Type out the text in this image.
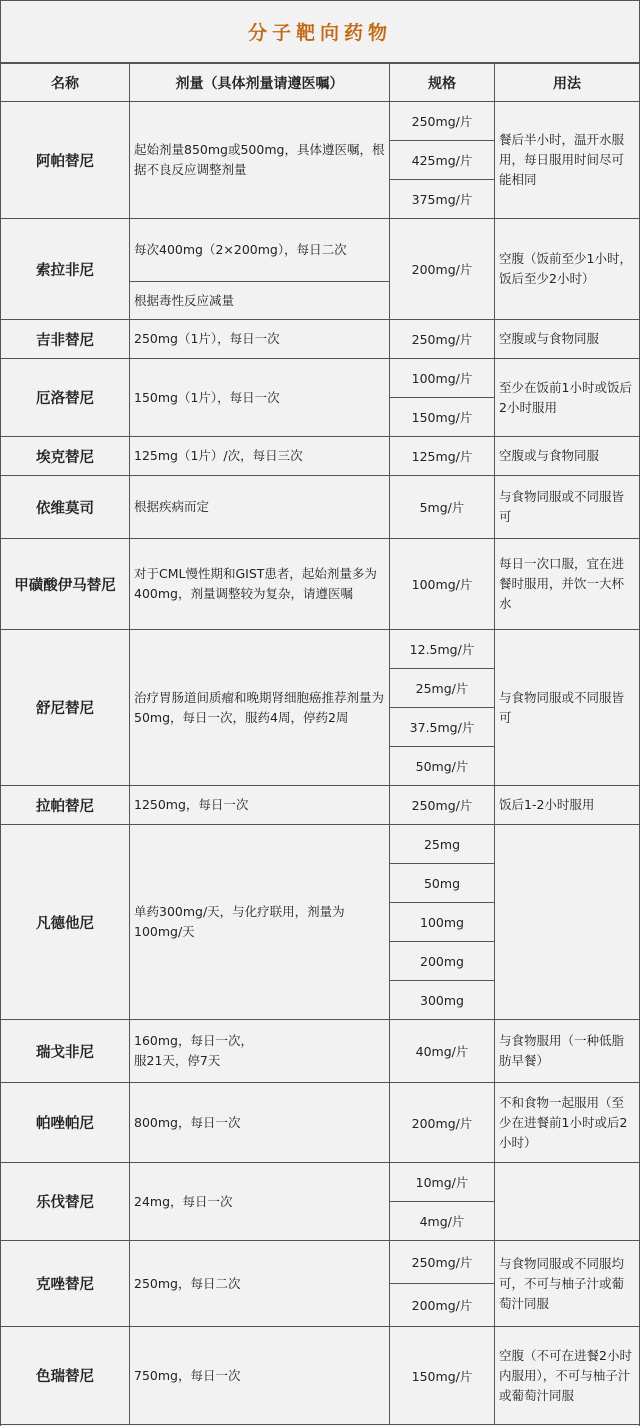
分子靶向药物
名称	剂量（具体剂量请遵医嘱）	规格	用法
阿帕替尼	起始剂量850mg或500mg，具体遵医嘱，根据不良反应调整剂量	250mg/片	餐后半小时，温开水服用，每日服用时间尽可能相同
		425mg/片	
		375mg/片	
索拉非尼	每次400mg（2×200mg），每日二次	200mg/片	空腹（饭前至少1小时，饭后至少2小时）
	根据毒性反应减量		
吉非替尼	250mg（1片），每日一次	250mg/片	空腹或与食物同服
厄洛替尼	150mg（1片），每日一次	100mg/片	至少在饭前1小时或饭后2小时服用
		150mg/片	
埃克替尼	125mg（1片）/次，每日三次	125mg/片	空腹或与食物同服
依维莫司	根据疾病而定	5mg/片	与食物同服或不同服皆可
甲磺酸伊马替尼	对于CML慢性期和GIST患者，起始剂量多为400mg，剂量调整较为复杂，请遵医嘱	100mg/片	每日一次口服，宜在进餐时服用，并饮一大杯水
舒尼替尼	治疗胃肠道间质瘤和晚期肾细胞癌推荐剂量为50mg，每日一次，服药4周，停药2周	12.5mg/片	与食物同服或不同服皆可
		25mg/片	
		37.5mg/片	
		50mg/片	
拉帕替尼	1250mg，每日一次	250mg/片	饭后1-2小时服用
凡德他尼	单药300mg/天，与化疗联用，剂量为100mg/天	25mg	
		50mg	
		100mg	
		200mg	
		300mg	
瑞戈非尼	160mg，每日一次，
服21天，停7天	40mg/片	与食物服用（一种低脂肪早餐）
帕唑帕尼	800mg，每日一次	200mg/片	不和食物一起服用（至少在进餐前1小时或后2小时）
乐伐替尼	24mg，每日一次	10mg/片	
		4mg/片	
克唑替尼	250mg，每日二次	250mg/片	与食物同服或不同服均可，不可与柚子汁或葡萄汁同服
		200mg/片	
色瑞替尼	750mg，每日一次	150mg/片	空腹（不可在进餐2小时内服用），不可与柚子汁或葡萄汁同服
